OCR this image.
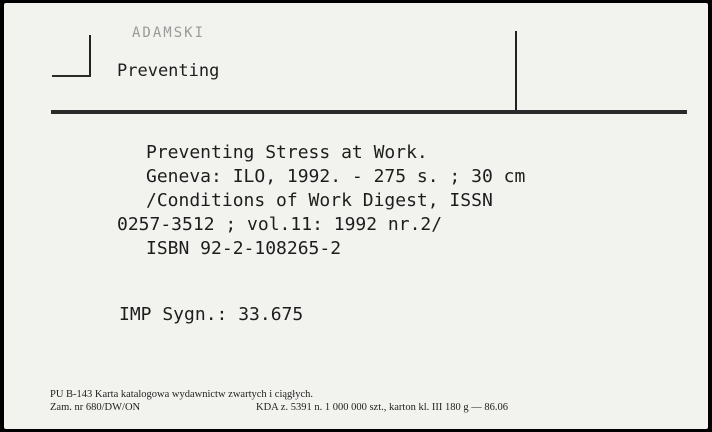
ADAMSKI
Preventing
Preventing Stress at Work.
Geneva: ILO, 1992. - 275 s. ; 30 cm
/Conditions of Work Digest, ISSN
0257-3512 ; vol.11: 1992 nr.2/
ISBN 92-2-108265-2
IMP Sygn.: 33.675
PU B-143 Karta katalogowa wydawnictw zwartych i ciągłych.
Zam. nr 680/DW/ON	KDA z. 5391 n. 1 000 000 szt., karton kl. III 180 g — 86.06
